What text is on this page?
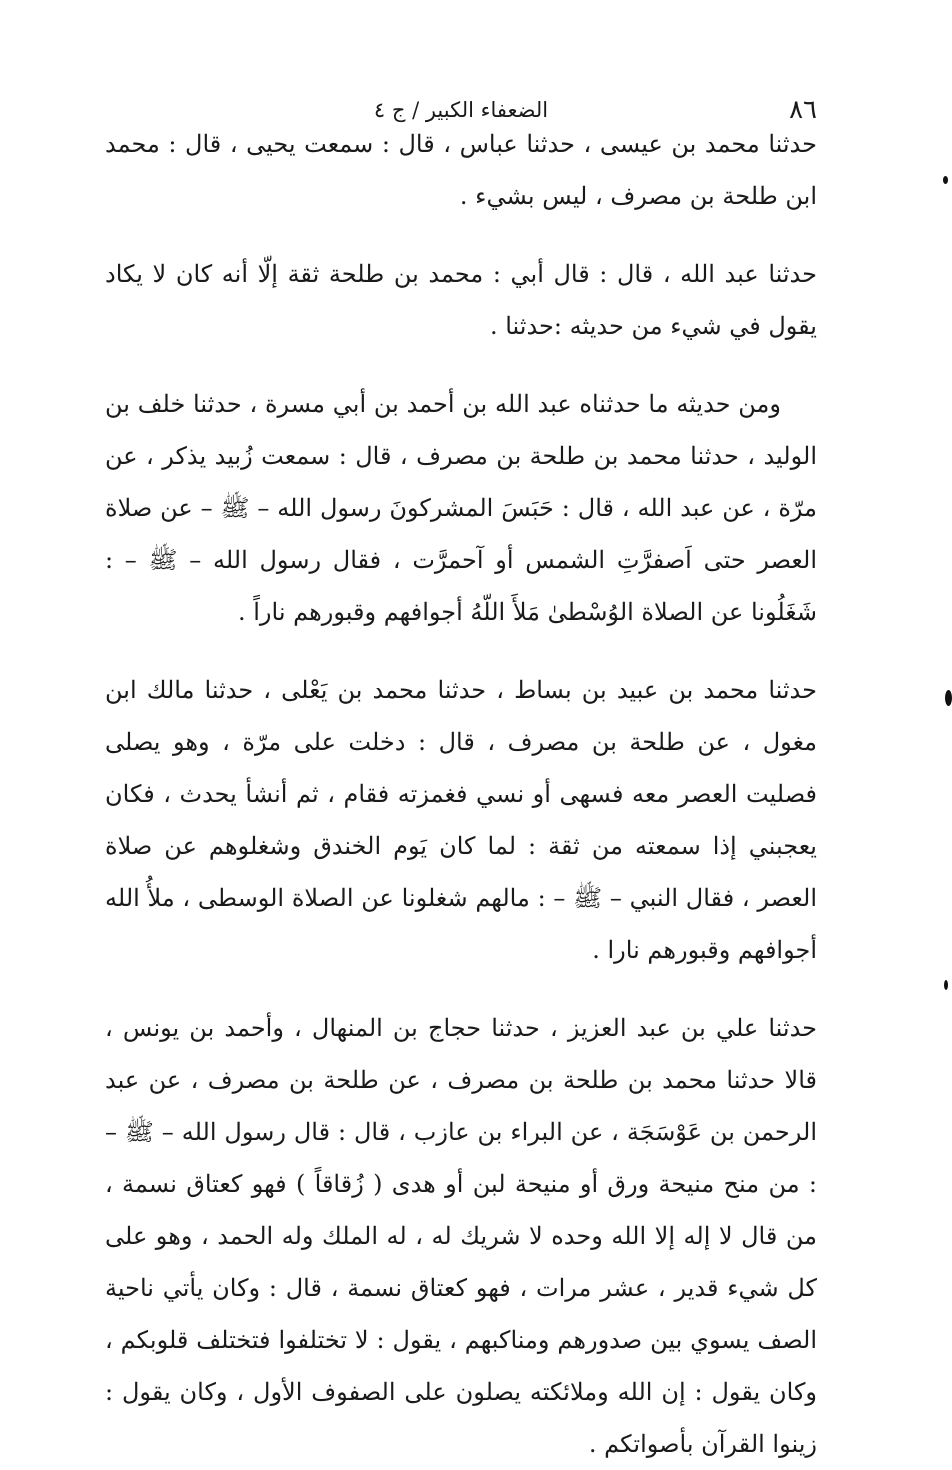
٨٦
الضعفاء الكبير / ج ٤

حدثنا محمد بن عيسى ، حدثنا عباس ، قال : سمعت يحيى ، قال : محمد ابن طلحة بن مصرف ، ليس بشيء .

حدثنا عبد الله ، قال : قال أبي : محمد بن طلحة ثقة إلّا أنه كان لا يكاد يقول في شيء من حديثه :حدثنا .

ومن حديثه ما حدثناه عبد الله بن أحمد بن أبي مسرة ، حدثنا خلف بن الوليد ، حدثنا محمد بن طلحة بن مصرف ، قال : سمعت زُبيد يذكر ، عن مرّة ، عن عبد الله ، قال : حَبَسَ المشركونَ رسول الله – ﷺ – عن صلاة العصر حتى اَصفرَّتِ الشمس أو آحمرَّت ، فقال رسول الله – ﷺ – : شَغَلُونا عن الصلاة الوُسْطىٰ مَلأَ اللّهُ أجوافهم وقبورهم ناراً .

حدثنا محمد بن عبيد بن بساط ، حدثنا محمد بن يَعْلى ، حدثنا مالك ابن مغول ، عن طلحة بن مصرف ، قال : دخلت على مرّة ، وهو يصلى فصليت العصر معه فسهى أو نسي فغمزته فقام ، ثم أنشأ يحدث ، فكان يعجبني إذا سمعته من ثقة : لما كان يَوم الخندق وشغلوهم عن صلاة العصر ، فقال النبي – ﷺ – : مالهم شغلونا عن الصلاة الوسطى ، ملأُ الله أجوافهم وقبورهم نارا .

حدثنا علي بن عبد العزيز ، حدثنا حجاج بن المنهال ، وأحمد بن يونس ، قالا حدثنا محمد بن طلحة بن مصرف ، عن طلحة بن مصرف ، عن عبد الرحمن بن عَوْسَجَة ، عن البراء بن عازب ، قال : قال رسول الله – ﷺ – : من منح منيحة ورق أو منيحة لبن أو هدى ( زُقاقاً ) فهو كعتاق نسمة ، من قال لا إله إلا الله وحده لا شريك له ، له الملك وله الحمد ، وهو على كل شيء قدير ، عشر مرات ، فهو كعتاق نسمة ، قال : وكان يأتي ناحية الصف يسوي بين صدورهم ومناكبهم ، يقول : لا تختلفوا فتختلف قلوبكم ، وكان يقول : إن الله وملائكته يصلون على الصفوف الأول ، وكان يقول : زينوا القرآن بأصواتكم .
